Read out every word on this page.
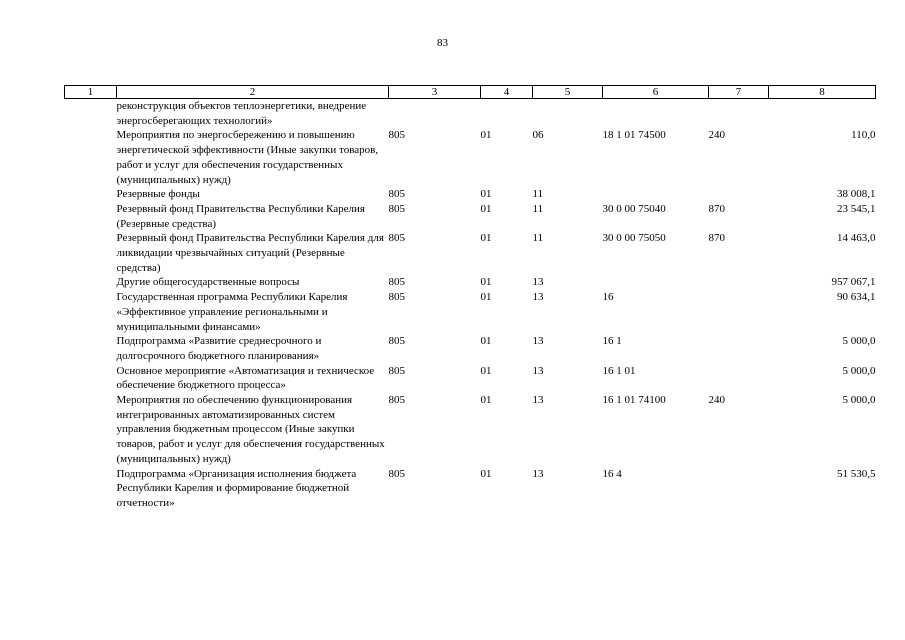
83
1	2	3	4	5	6	7	8
	реконструкция объектов теплоэнергетики, внедрение энергосберегающих технологий»						
	Мероприятия по энергосбережению и повышению энергетической эффективности (Иные закупки товаров, работ и услуг для обеспечения государственных (муниципальных) нужд)	805	01	06	18 1 01 74500	240	110,0
	Резервные фонды	805	01	11			38 008,1
	Резервный фонд Правительства Республики Карелия (Резервные средства)	805	01	11	30 0 00 75040	870	23 545,1
	Резервный фонд Правительства Республики Карелия для ликвидации чрезвычайных ситуаций (Резервные средства)	805	01	11	30 0 00 75050	870	14 463,0
	Другие общегосударственные вопросы	805	01	13			957 067,1
	Государственная программа Республики Карелия «Эффективное управление региональными и муниципальными финансами»	805	01	13	16		90 634,1
	Подпрограмма «Развитие среднесрочного и долгосрочного бюджетного планирования»	805	01	13	16 1		5 000,0
	Основное мероприятие «Автоматизация и техническое обеспечение бюджетного процесса»	805	01	13	16 1 01		5 000,0
	Мероприятия по обеспечению функционирования интегрированных автоматизированных систем управления бюджетным процессом (Иные закупки товаров, работ и услуг для обеспечения государственных (муниципальных) нужд)	805	01	13	16 1 01 74100	240	5 000,0
	Подпрограмма «Организация исполнения бюджета Республики Карелия и формирование бюджетной отчетности»	805	01	13	16 4		51 530,5
